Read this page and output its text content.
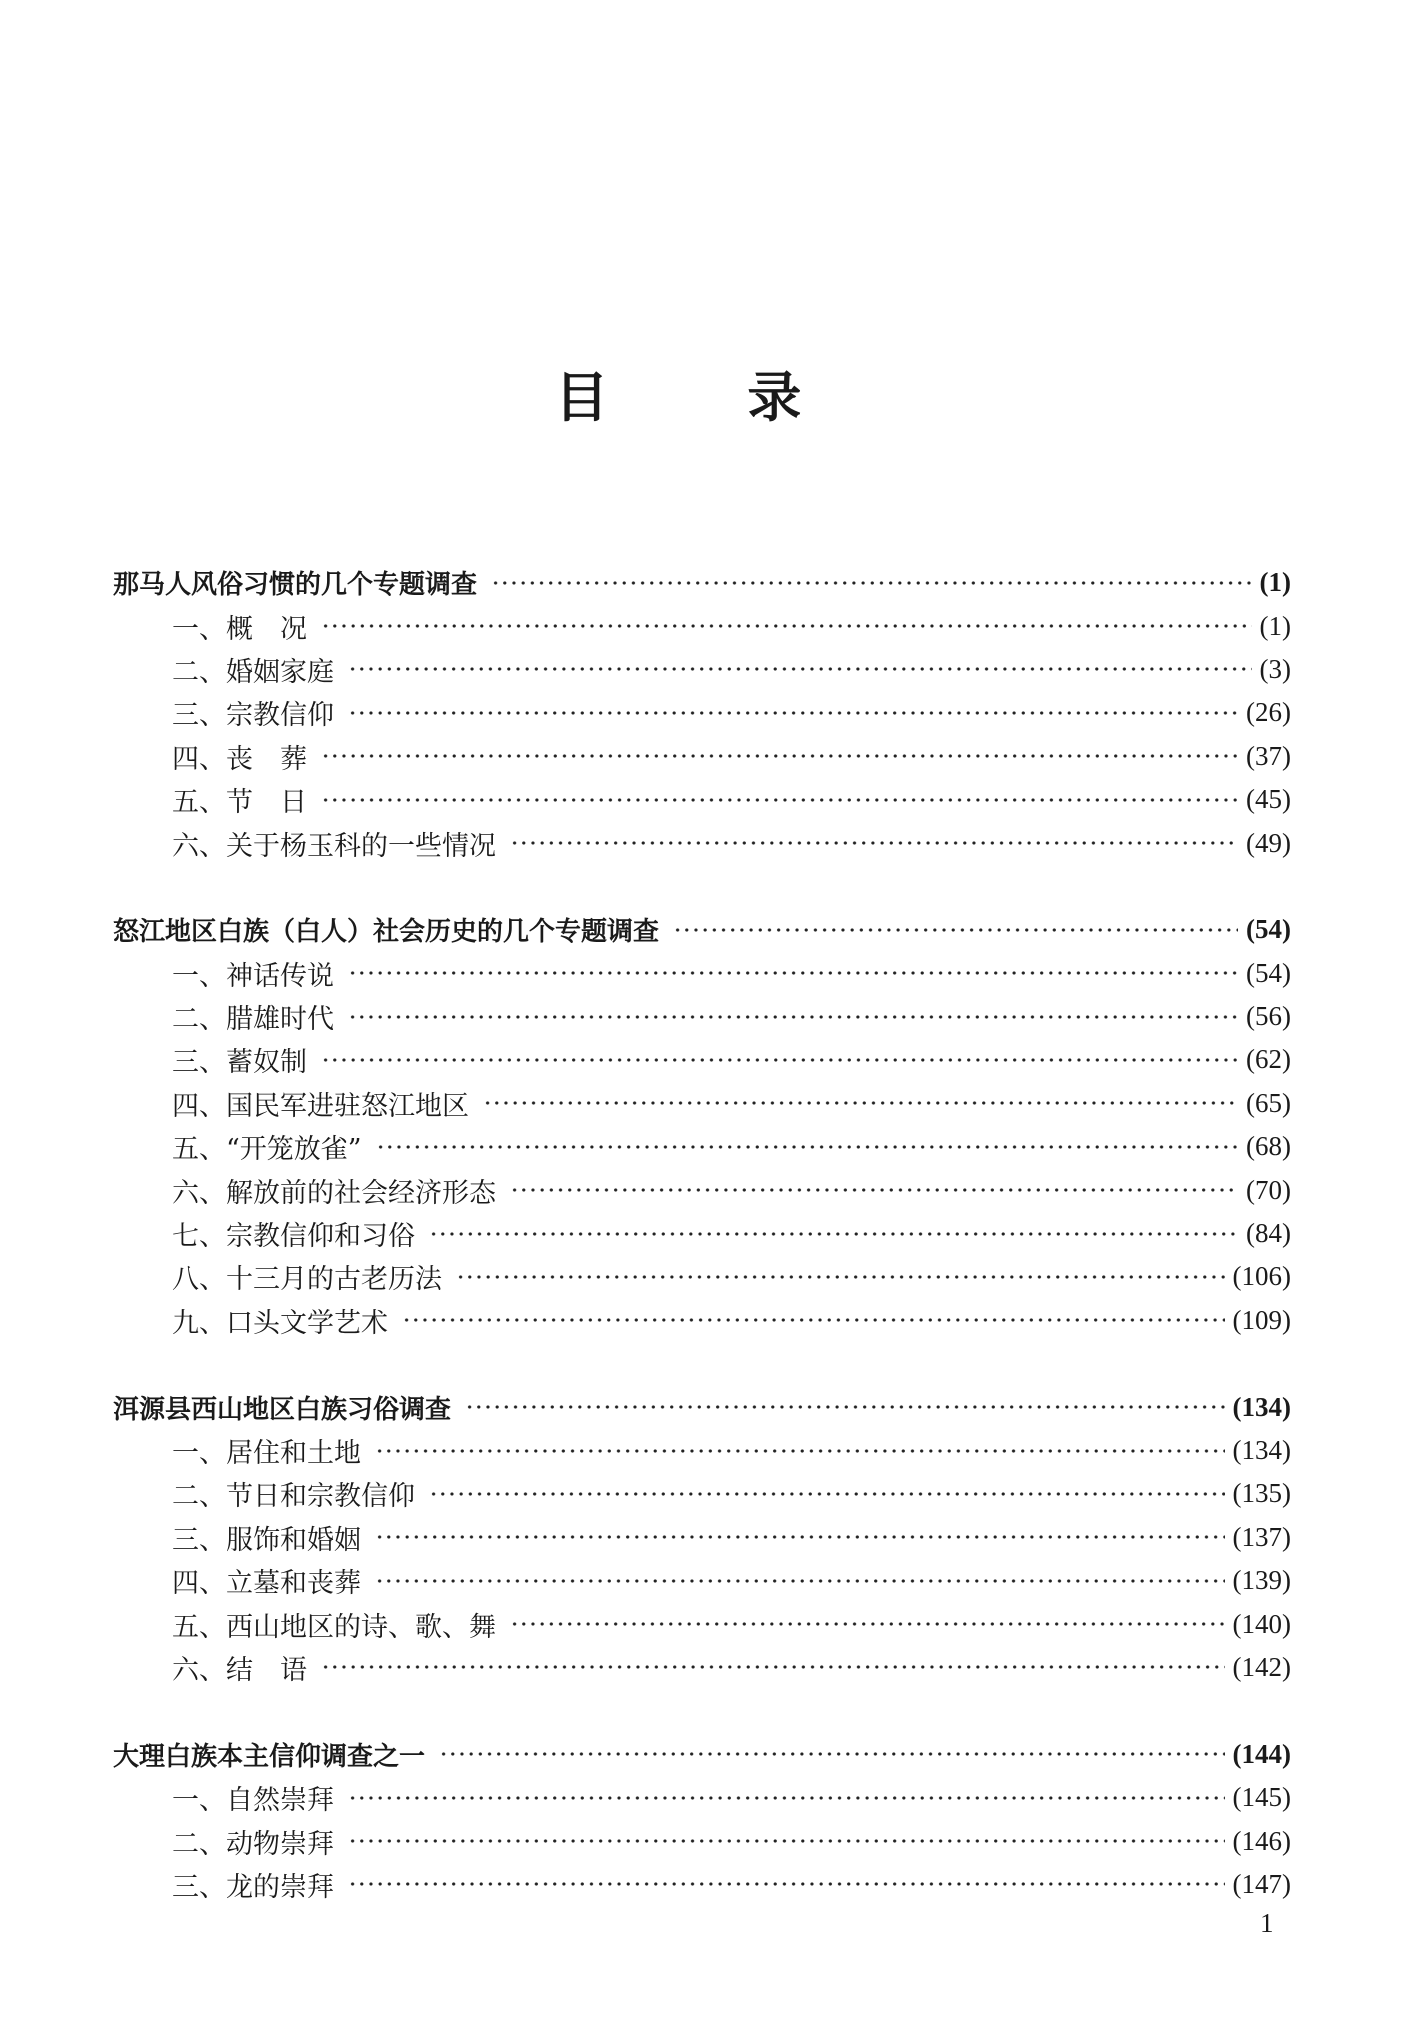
目 录
那马人风俗习惯的几个专题调查	(1)
一、概　况	(1)
二、婚姻家庭	(3)
三、宗教信仰	(26)
四、丧　葬	(37)
五、节　日	(45)
六、关于杨玉科的一些情况	(49)
怒江地区白族（白人）社会历史的几个专题调查	(54)
一、神话传说	(54)
二、腊雄时代	(56)
三、蓄奴制	(62)
四、国民军进驻怒江地区	(65)
五、“开笼放雀”	(68)
六、解放前的社会经济形态	(70)
七、宗教信仰和习俗	(84)
八、十三月的古老历法	(106)
九、口头文学艺术	(109)
洱源县西山地区白族习俗调查	(134)
一、居住和土地	(134)
二、节日和宗教信仰	(135)
三、服饰和婚姻	(137)
四、立墓和丧葬	(139)
五、西山地区的诗、歌、舞	(140)
六、结　语	(142)
大理白族本主信仰调查之一	(144)
一、自然崇拜	(145)
二、动物崇拜	(146)
三、龙的崇拜	(147)
1
